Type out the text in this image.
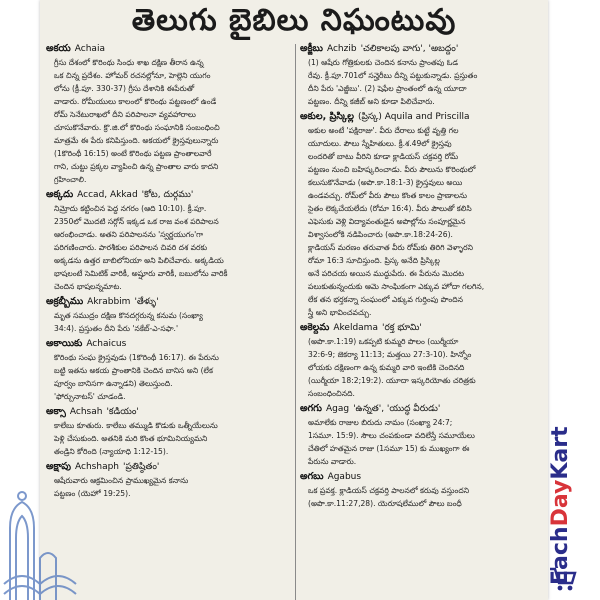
తెలుగు బైబిలు నిఘంటువు
అకయ Achaia

గ్రీసు దేశంలో కొరింథు సింధు శాఖ దక్షిణ తీరాన ఉన్న

ఒక చిన్న ప్రదేశం. హోమర్ రచనల్లోనూ, హెల్లెని యుగం

లోను (క్రీ.పూ. 330-37) గ్రీసు దేశానికి ఈపేరుతో

వాడారు. రోమీయులు కాలంలో కొరింథు పట్టణంలో ఉండే

రోమ్ సెనేటురాఖలో దీని పరిపాలనా వ్యవహారాలు

చూసుకొనేవారు. క్రొ.జి.లో కొరింథు సంఘానికి సంబంధించి

మాత్రమే ఈ పేరు కనిపిస్తుంది. అకయలో క్రైస్తవులున్నారు

(1కొరింథీ 16:15) అంటే కొరింథు పట్టణ ప్రాంతాలవారే

గాని, చుట్టు ప్రక్కల వ్యాపించి ఉన్న ప్రాంతాల వారు కాదని

గ్రహించాలి.

అక్కదు Accad, Akkad 'కోట, దుర్గము'

నిమ్రోదు కట్టించిన పెద్ద నగరం (ఆది 10:10). క్రీ.పూ.

2350లో మొదటి సర్గోన్ ఇక్కడ ఒక రాజ వంశ పరిపాలన

ఆరంభించాడు. అతని పరిపాలనను 'స్వర్ణయుగం'గా

పరిగణించారు. పారశీకుల పరిపాలన చివరి దశ వరకు

అక్కడను ఉత్తర బాబిలోనియా అని పిలిచేవారు. అక్కడియ

భాషలంటే సెమిటిక్ వారికీ, అష్షూరు వారికీ, బబులోను వారికీ

చెందిన భాషలన్నమాట.

అక్రబ్బీము Akrabbim 'తేళ్ళు'

మృత సముద్రం దక్షిణ కొనదగ్గరున్న కనుమ (సంఖ్యా

34:4). ప్రస్తుతం దీని పేరు 'నకేబ్-ఎ-సఫా.'

అకాయికు Achaicus

కొరింథు సంఘ క్రైస్తవుడు (1కొరింథీ 16:17). ఈ పేరును

బట్టి ఇతను అకయ ప్రాంతానికి చెందిన బానిస అని (లేక

పూర్వం బానిసగా ఉన్నాడని) తెలుస్తుంది.

'ఫోర్చునాటస్' చూడండి.

అక్సా Achsah 'కడియం'

కాలేబు కూతురు. కాలేబు తమ్ముడి కొడుకు ఒత్నీయేలును

పెళ్లి చేసుకుంది. అతనికి మరి కొంత భూమినియ్యమని

తండ్రిని కోరింది (న్యాయాధి 1:12-15).

అక్షాపు Achshaph 'ప్రతిష్ఠితం'

ఆషేరువారు ఆక్రమించిన ప్రాముఖ్యమైన కనాను

పట్టణం (యెహో 19:25).

అక్జీబు Achzib 'చలికాలపు వాగు', 'అబద్దం'

(1) ఆషేరు గోత్రికులకు చెందిన కనాను ప్రాంతపు ఓడ

రేవు. క్రీ.పూ.701లో సన్హెరీబు దీన్ని పట్టుకున్నాడు. ప్రస్తుతం

దీని పేరు 'ఎజ్జీబు'. (2) షెఫేల ప్రాంతంలో ఉన్న యూదా

పట్టణం. దీన్ని కజీబ్ అని కూడా పిలిచేవారు.

అకుల, ప్రిస్కిల్ల (ప్రిస్క) Aquila and Priscilla

అకుల అంటే 'పక్షిరాజు'. వీరు దేరాలు కుట్టే వృత్తి గల

యూదులు. పౌలు స్నేహితులు. క్రీ.శ.49లో క్రైస్తవు

లందరితో బాటు వీరిని కూడా క్లాడియస్ చక్రవర్తి రోమ్

పట్టణం నుంచి బహిష్కరించాడు. వీరు పౌలును కొరింథులో

కలుసుకొనేవాడు (అపొ.కా.18:1-3) క్రైస్తవులు అయి

ఉండవచ్చు. రోమ్‌లో వీరు పౌలు కొంత కాలం ప్రాణాలను

సైతం లెక్కచేయలేదు (రోమా 16:4). వీరు పౌలుతో కలిసి

ఎఫెసుకు వెళ్లి విద్యావంతుడైన అపొల్లోను సంపూర్ణమైన

విశ్వాసంలోకి నడిపించారు (అపొ.కా.18:24-26).

క్లాడియస్ మరణం తరువాత వీరు రోమ్‌కు తిరిగి వెళ్ళారని

రోమా 16:3 సూచిస్తుంది. ప్రిస్క అనేది ప్రిస్కిల్ల

అనే పరిచయ అయిన ముద్దుపేరు. ఈ పేరును మొదట

పలుకుతున్నందుకు ఆమె సాంఘికంగా ఎక్కువ హోదా గలగిన,

లేక తన భర్తకన్నా సంఘంలో ఎక్కువ గుర్తింపు పొందిన

స్త్రీ అని భావించవచ్చు.

అకెల్దమ Akeldama 'రక్త భూమి'

(అపొ.కా.1:19) ఒకప్పటి కుమ్మరి పొలం (యిర్మీయా

32:6-9; జెకర్యా 11:13; మత్తయి 27:3-10). హిన్నోం

లోయకు దక్షిణంగా ఉన్న కుమ్మరి వారి ఇంటికి చెందినది

(యిర్మీయా 18:2;19:2). యూదా ఇస్కరియోతు చరిత్రకు

సంబంధించినది.

అగగు Agag 'ఉన్నత', 'యుద్ధ వీరుడు'

అమాలేకు రాజుల బిరుదు నామం (సంఖ్యా 24:7;

1సమూ. 15:9). సౌలు చంపకుండా వదిలేస్తే సమూయేలు

చేతిలో హతమైన రాజు (1సమూ 15) కు ముఖ్యంగా ఈ

పేరును వాడారు.

అగబు Agabus

ఒక ప్రవక్త. క్లాడియస్ చక్రవర్తి పాలనలో కరువు వస్తుందని

(అపొ.కా.11:27,28). యెరూషలేములో పౌలు బంధీ

EachDayKart
